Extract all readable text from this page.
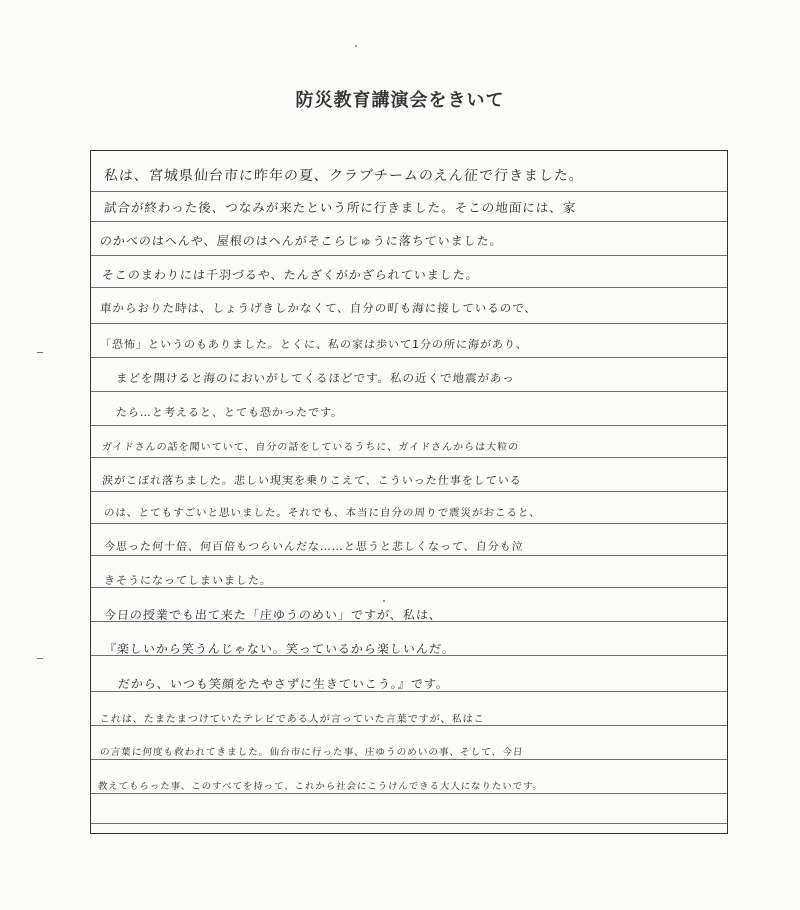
防災教育講演会をきいて
私は、宮城県仙台市に昨年の夏、クラブチームのえん征で行きました。
試合が終わった後、つなみが来たという所に行きました。そこの地面には、家
のかべのはへんや、屋根のはへんがそこらじゅうに落ちていました。
そこのまわりには千羽づるや、たんざくがかざられていました。
車からおりた時は、しょうげきしかなくて、自分の町も海に接しているので、
「恐怖」というのもありました。とくに、私の家は歩いて1分の所に海があり、
まどを開けると海のにおいがしてくるほどです。私の近くで地震があっ
たら…と考えると、とても恐かったです。
ガイドさんの話を聞いていて、自分の話をしているうちに、ガイドさんからは大粒の
涙がこぼれ落ちました。悲しい現実を乗りこえて、こういった仕事をしている
のは、とてもすごいと思いました。それでも、本当に自分の周りで震災がおこると、
今思った何十倍、何百倍もつらいんだな……と思うと悲しくなって、自分も泣
きそうになってしまいました。
今日の授業でも出て来た「庄ゆうのめい」ですが、私は、
『楽しいから笑うんじゃない。笑っているから楽しいんだ。
だから、いつも笑顔をたやさずに生きていこう。』です。
これは、たまたまつけていたテレビである人が言っていた言葉ですが、私はこ
の言葉に何度も救われてきました。仙台市に行った事、庄ゆうのめいの事、そして、今日
教えてもらった事、このすべてを持って、これから社会にこうけんできる大人になりたいです。
